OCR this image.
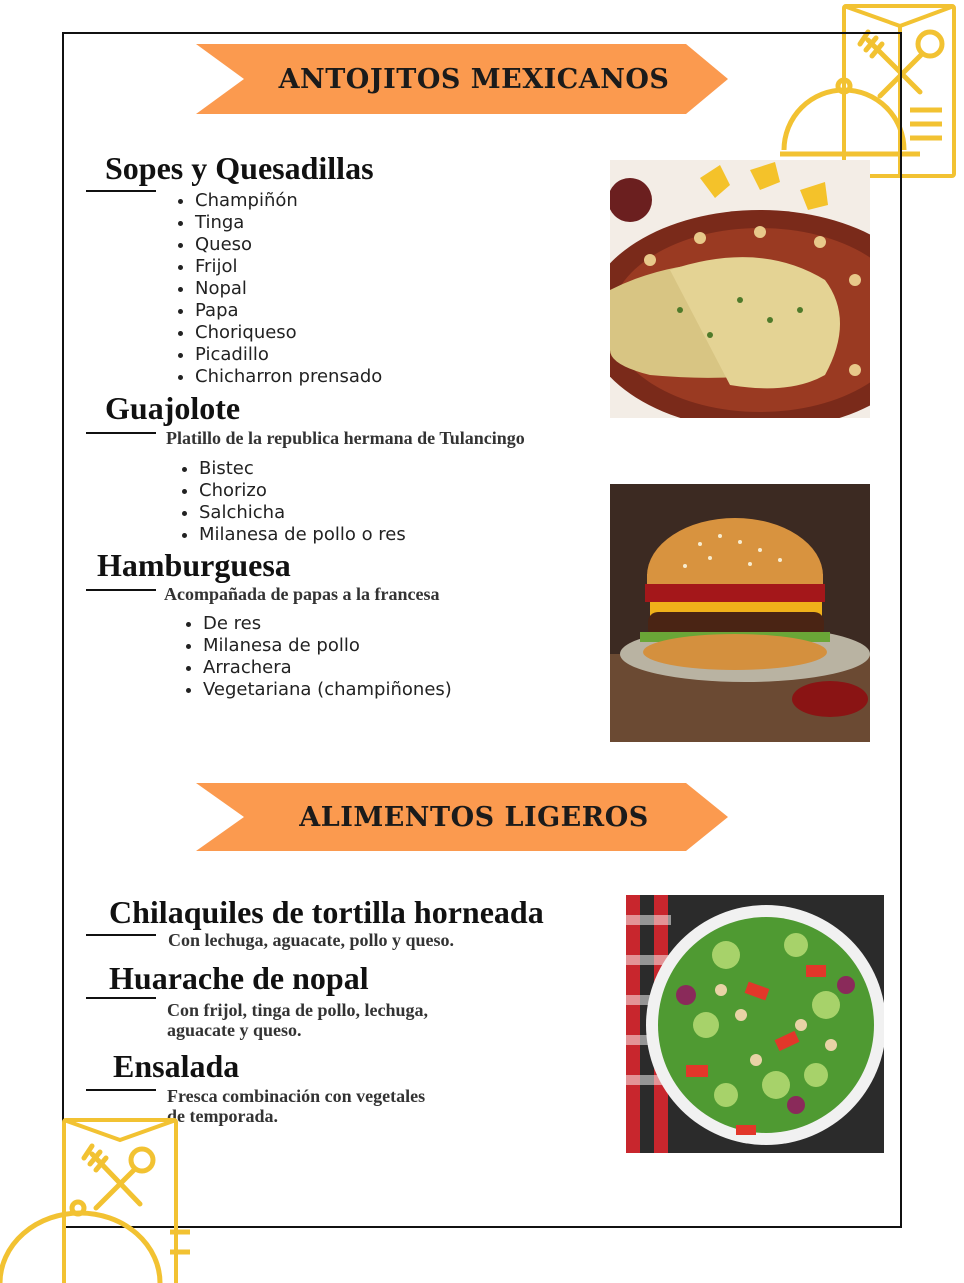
ANTOJITOS MEXICANOS
Sopes y Quesadillas
• Champiñón
• Tinga
• Queso
• Frijol
• Nopal
• Papa
• Choriqueso
• Picadillo
• Chicharron prensado
Guajolote
Platillo de la republica hermana de Tulancingo
• Bistec
• Chorizo
• Salchicha
• Milanesa de pollo o res
Hamburguesa
Acompañada de papas a la francesa
• De res
• Milanesa de pollo
• Arrachera
• Vegetariana (champiñones)
ALIMENTOS LIGEROS
Chilaquiles de tortilla horneada
Con lechuga, aguacate, pollo y queso.
Huarache de nopal
Con frijol, tinga de pollo, lechuga,
aguacate y queso.
Ensalada
Fresca combinación con vegetales
de temporada.
